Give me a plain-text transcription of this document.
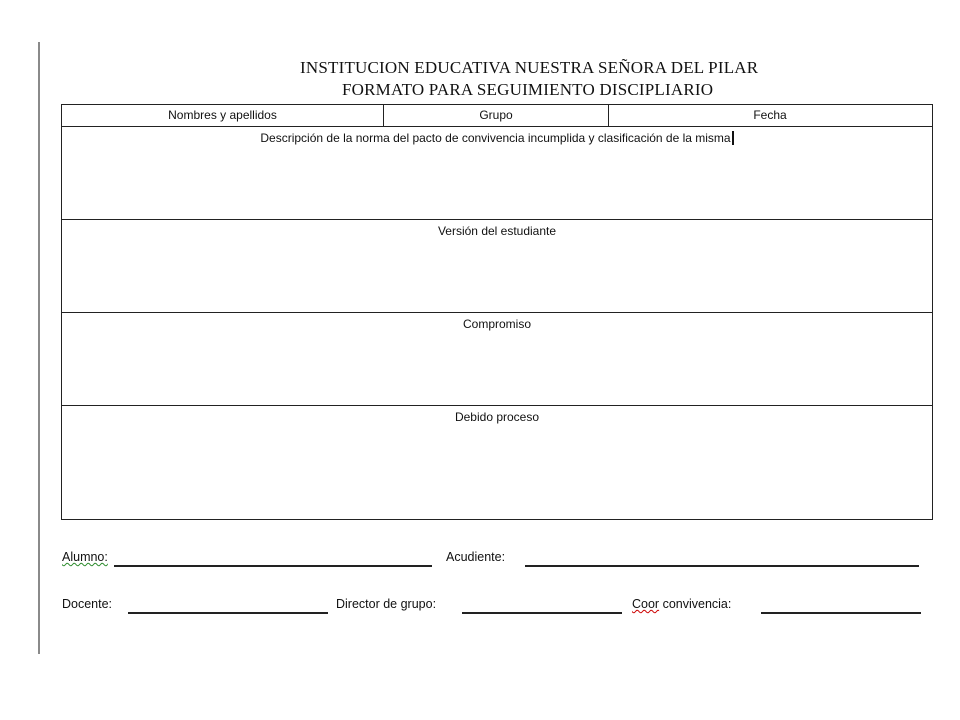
INSTITUCION EDUCATIVA NUESTRA SEÑORA DEL PILAR
FORMATO PARA SEGUIMIENTO DISCIPLIARIO
Nombres y apellidos	Grupo	Fecha
Descripción de la norma del pacto de convivencia incumplida y clasificación de la misma
Versión del estudiante
Compromiso
Debido proceso
Alumno:	Acudiente:
Docente:	Director de grupo:	Coor convivencia:
